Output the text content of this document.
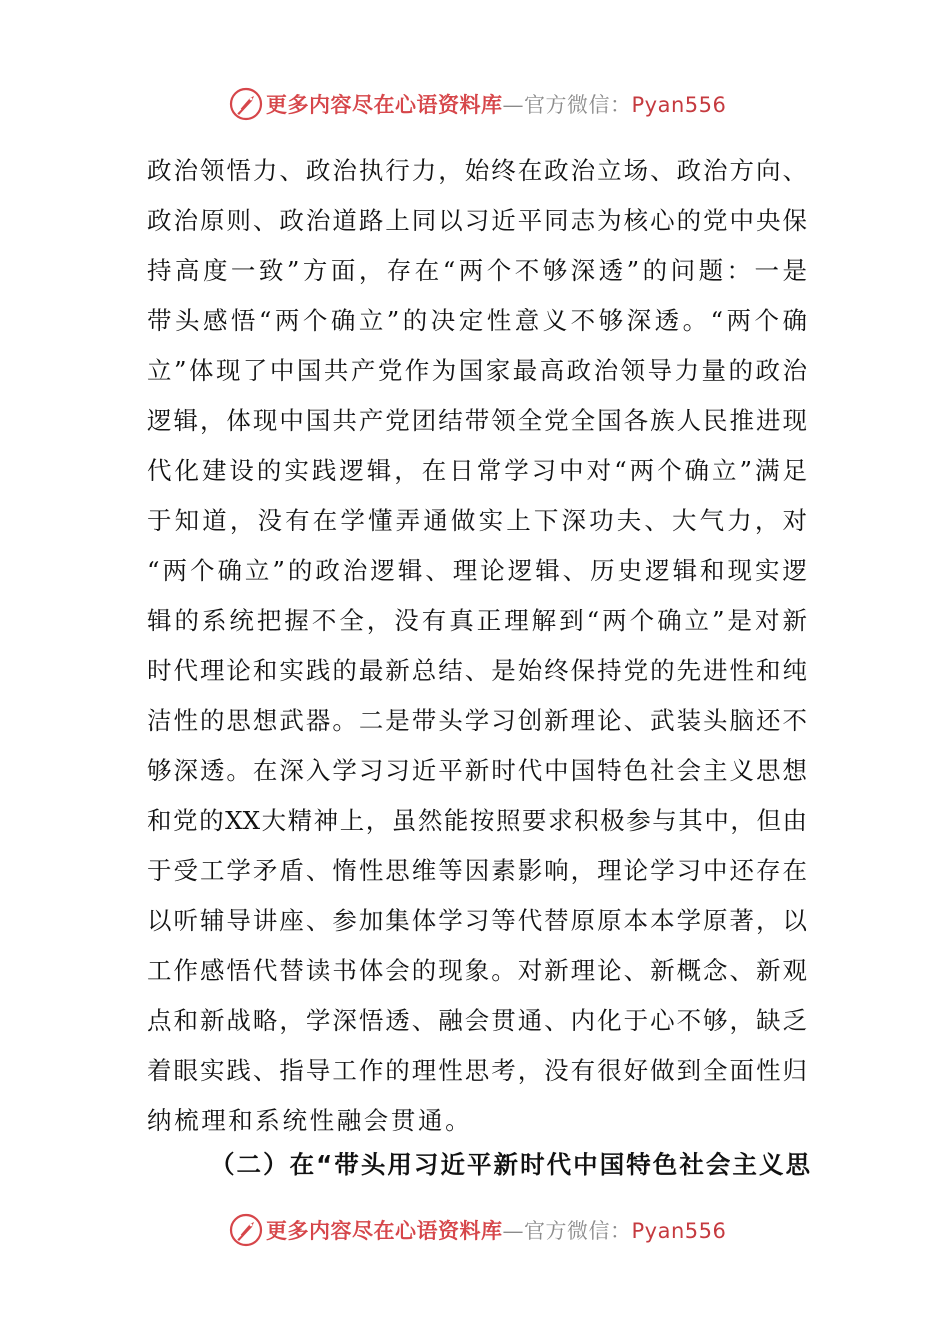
更多内容尽在心语资料库—官方微信：Pyan556
政治领悟力、政治执行力，始终在政治立场、政治方向、
政治原则、政治道路上同以习近平同志为核心的党中央保
持高度一致”方面，存在“两个不够深透”的问题：一是
带头感悟“两个确立”的决定性意义不够深透。“两个确
立”体现了中国共产党作为国家最高政治领导力量的政治
逻辑，体现中国共产党团结带领全党全国各族人民推进现
代化建设的实践逻辑，在日常学习中对“两个确立”满足
于知道，没有在学懂弄通做实上下深功夫、大气力，对
“两个确立”的政治逻辑、理论逻辑、历史逻辑和现实逻
辑的系统把握不全，没有真正理解到“两个确立”是对新
时代理论和实践的最新总结、是始终保持党的先进性和纯
洁性的思想武器。二是带头学习创新理论、武装头脑还不
够深透。在深入学习习近平新时代中国特色社会主义思想
和党的XX大精神上，虽然能按照要求积极参与其中，但由
于受工学矛盾、惰性思维等因素影响，理论学习中还存在
以听辅导讲座、参加集体学习等代替原原本本学原著，以
工作感悟代替读书体会的现象。对新理论、新概念、新观
点和新战略，学深悟透、融会贯通、内化于心不够，缺乏
着眼实践、指导工作的理性思考，没有很好做到全面性归
纳梳理和系统性融会贯通。
（二）在“带头用习近平新时代中国特色社会主义思
更多内容尽在心语资料库—官方微信：Pyan556
